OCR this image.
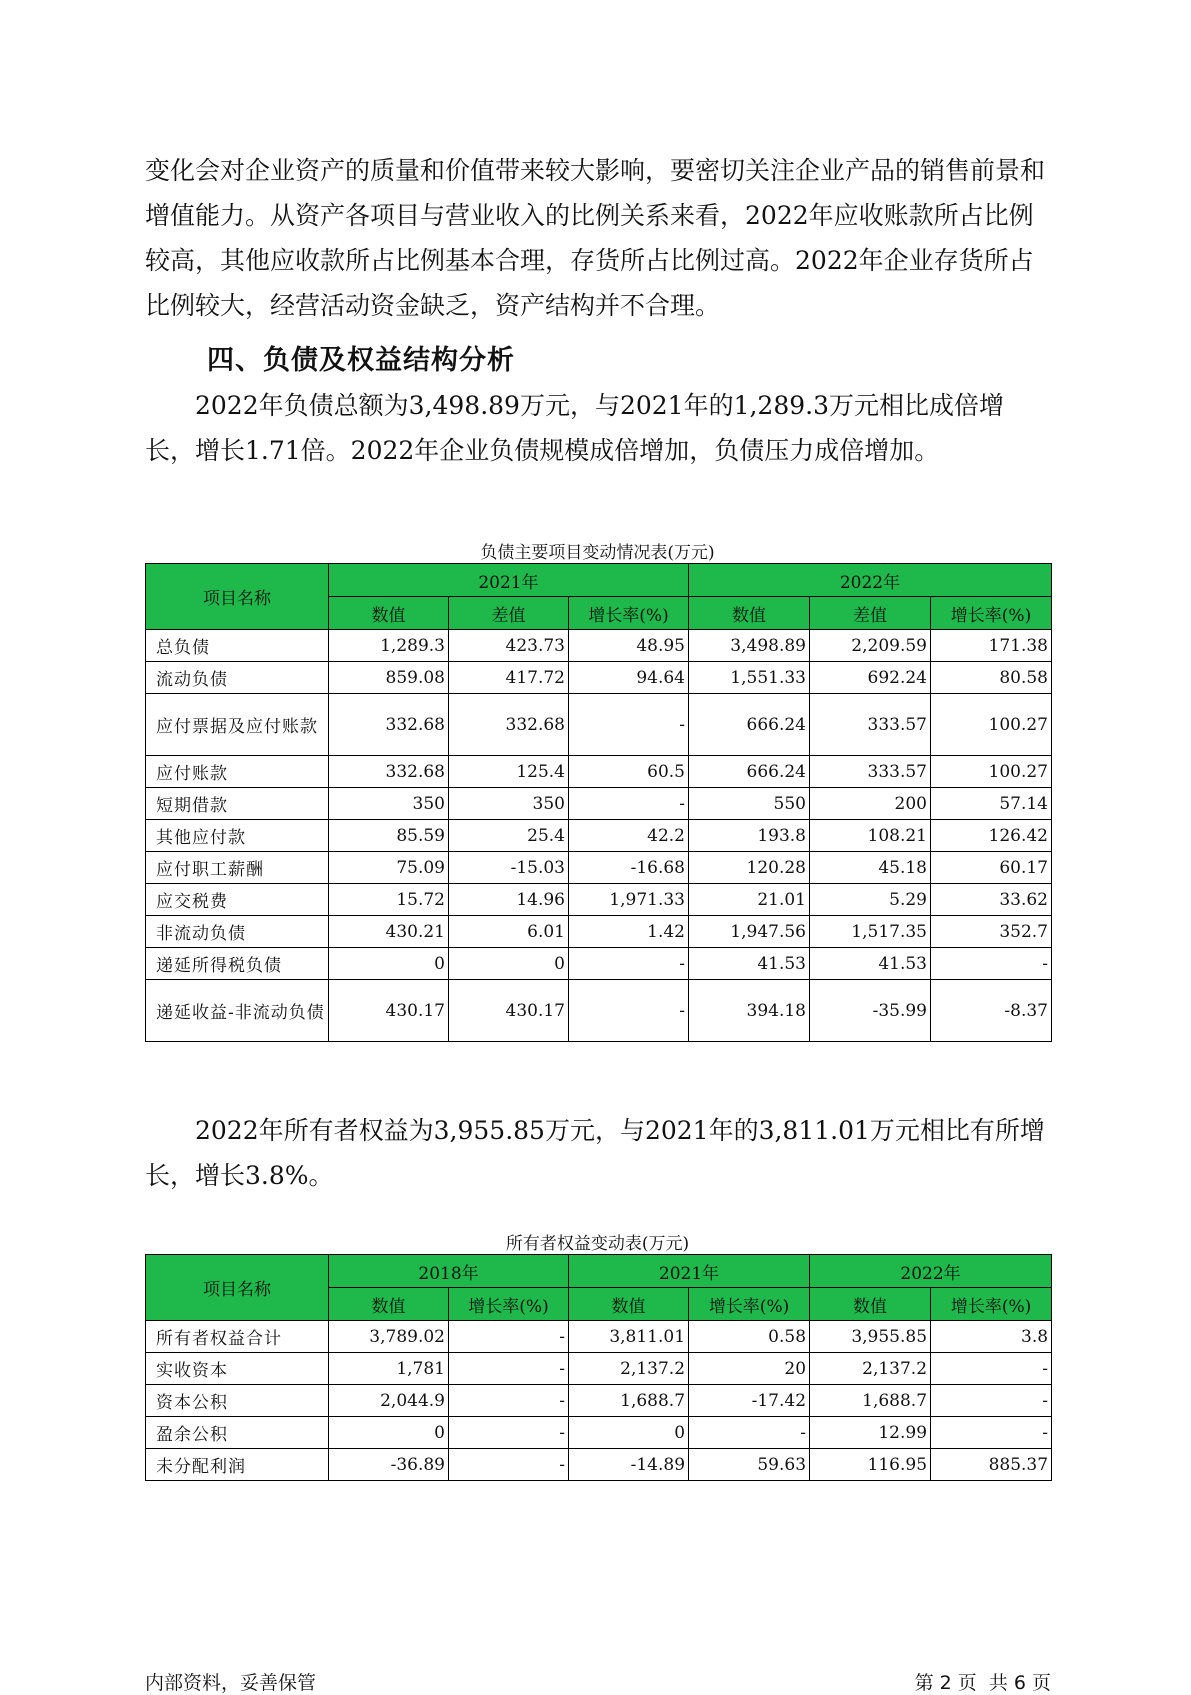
变化会对企业资产的质量和价值带来较大影响，要密切关注企业产品的销售前景和增值能力。从资产各项目与营业收入的比例关系来看，2022年应收账款所占比例较高，其他应收款所占比例基本合理，存货所占比例过高。2022年企业存货所占比例较大，经营活动资金缺乏，资产结构并不合理。

四、负债及权益结构分析

2022年负债总额为3,498.89万元，与2021年的1,289.3万元相比成倍增长，增长1.71倍。2022年企业负债规模成倍增加，负债压力成倍增加。

负债主要项目变动情况表(万元)

项目名称	2021年			2022年		
	数值	差值	增长率(%)	数值	差值	增长率(%)
总负债	1,289.3	423.73	48.95	3,498.89	2,209.59	171.38
流动负债	859.08	417.72	94.64	1,551.33	692.24	80.58
应付票据及应付账款	332.68	332.68	-	666.24	333.57	100.27
应付账款	332.68	125.4	60.5	666.24	333.57	100.27
短期借款	350	350	-	550	200	57.14
其他应付款	85.59	25.4	42.2	193.8	108.21	126.42
应付职工薪酬	75.09	-15.03	-16.68	120.28	45.18	60.17
应交税费	15.72	14.96	1,971.33	21.01	5.29	33.62
非流动负债	430.21	6.01	1.42	1,947.56	1,517.35	352.7
递延所得税负债	0	0	-	41.53	41.53	-
递延收益-非流动负债	430.17	430.17	-	394.18	-35.99	-8.37

2022年所有者权益为3,955.85万元，与2021年的3,811.01万元相比有所增长，增长3.8%。

所有者权益变动表(万元)

项目名称	2018年		2021年		2022年	
	数值	增长率(%)	数值	增长率(%)	数值	增长率(%)
所有者权益合计	3,789.02	-	3,811.01	0.58	3,955.85	3.8
实收资本	1,781	-	2,137.2	20	2,137.2	-
资本公积	2,044.9	-	1,688.7	-17.42	1,688.7	-
盈余公积	0	-	0	-	12.99	-
未分配利润	-36.89	-	-14.89	59.63	116.95	885.37

内部资料，妥善保管	第 2 页  共 6 页
